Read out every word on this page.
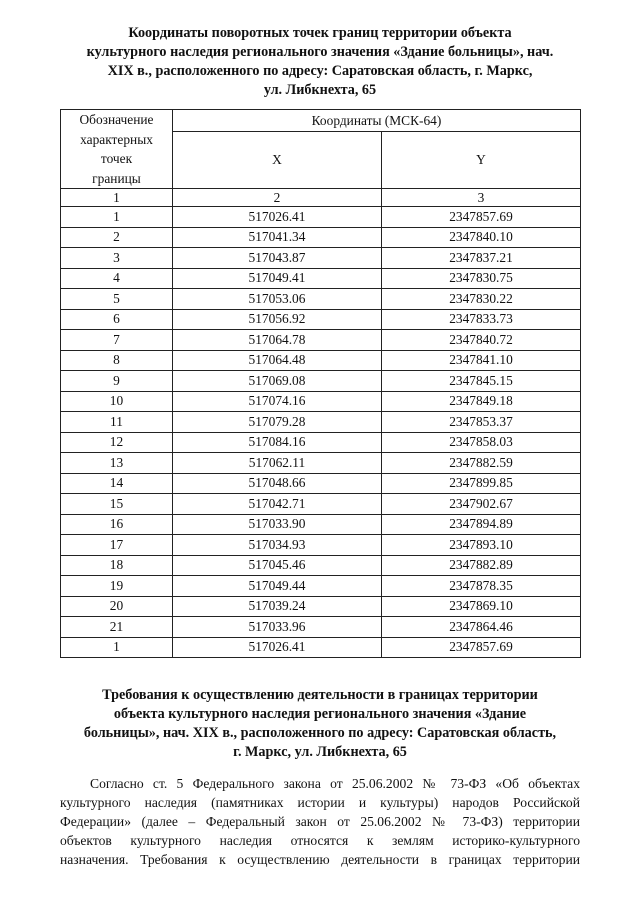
Координаты поворотных точек границ территории объекта
культурного наследия регионального значения «Здание больницы», нач.
XIX в., расположенного по адресу: Саратовская область, г. Маркс,
ул. Либкнехта, 65
Обозначение
характерных
точек
границы	Координаты (МСК-64)	
	X	Y
1	2	3
1	517026.41	2347857.69
2	517041.34	2347840.10
3	517043.87	2347837.21
4	517049.41	2347830.75
5	517053.06	2347830.22
6	517056.92	2347833.73
7	517064.78	2347840.72
8	517064.48	2347841.10
9	517069.08	2347845.15
10	517074.16	2347849.18
11	517079.28	2347853.37
12	517084.16	2347858.03
13	517062.11	2347882.59
14	517048.66	2347899.85
15	517042.71	2347902.67
16	517033.90	2347894.89
17	517034.93	2347893.10
18	517045.46	2347882.89
19	517049.44	2347878.35
20	517039.24	2347869.10
21	517033.96	2347864.46
1	517026.41	2347857.69
Требования к осуществлению деятельности в границах территории
объекта культурного наследия регионального значения «Здание
больницы», нач. XIX в., расположенного по адресу: Саратовская область,
г. Маркс, ул. Либкнехта, 65
Согласно ст. 5 Федерального закона от 25.06.2002 № 73-ФЗ «Об объектах
культурного наследия (памятниках истории и культуры) народов Российской
Федерации» (далее – Федеральный закон от 25.06.2002 № 73-ФЗ) территории
объектов культурного наследия относятся к землям историко-культурного
назначения. Требования к осуществлению деятельности в границах территории
